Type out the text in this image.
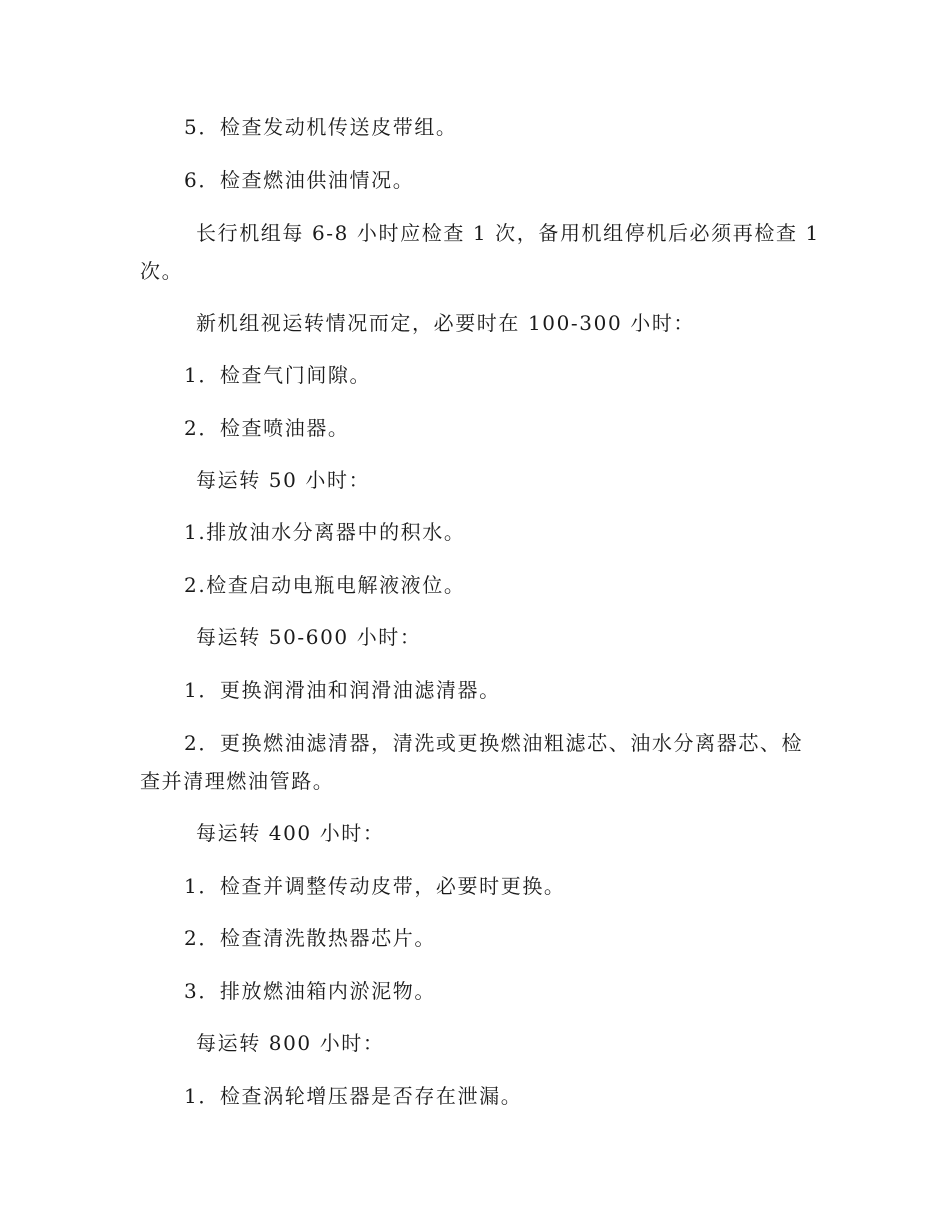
5．检查发动机传送皮带组。

6．检查燃油供油情况。

长行机组每 6-8 小时应检查 1 次，备用机组停机后必须再检查 1

次。

新机组视运转情况而定，必要时在 100-300 小时：

1．检查气门间隙。

2．检查喷油器。

每运转 50 小时：

1.排放油水分离器中的积水。

2.检查启动电瓶电解液液位。

每运转 50-600 小时：

1．更换润滑油和润滑油滤清器。

2．更换燃油滤清器，清洗或更换燃油粗滤芯、油水分离器芯、检

查并清理燃油管路。

每运转 400 小时：

1．检查并调整传动皮带，必要时更换。

2．检查清洗散热器芯片。

3．排放燃油箱内淤泥物。

每运转 800 小时：

1．检查涡轮增压器是否存在泄漏。
